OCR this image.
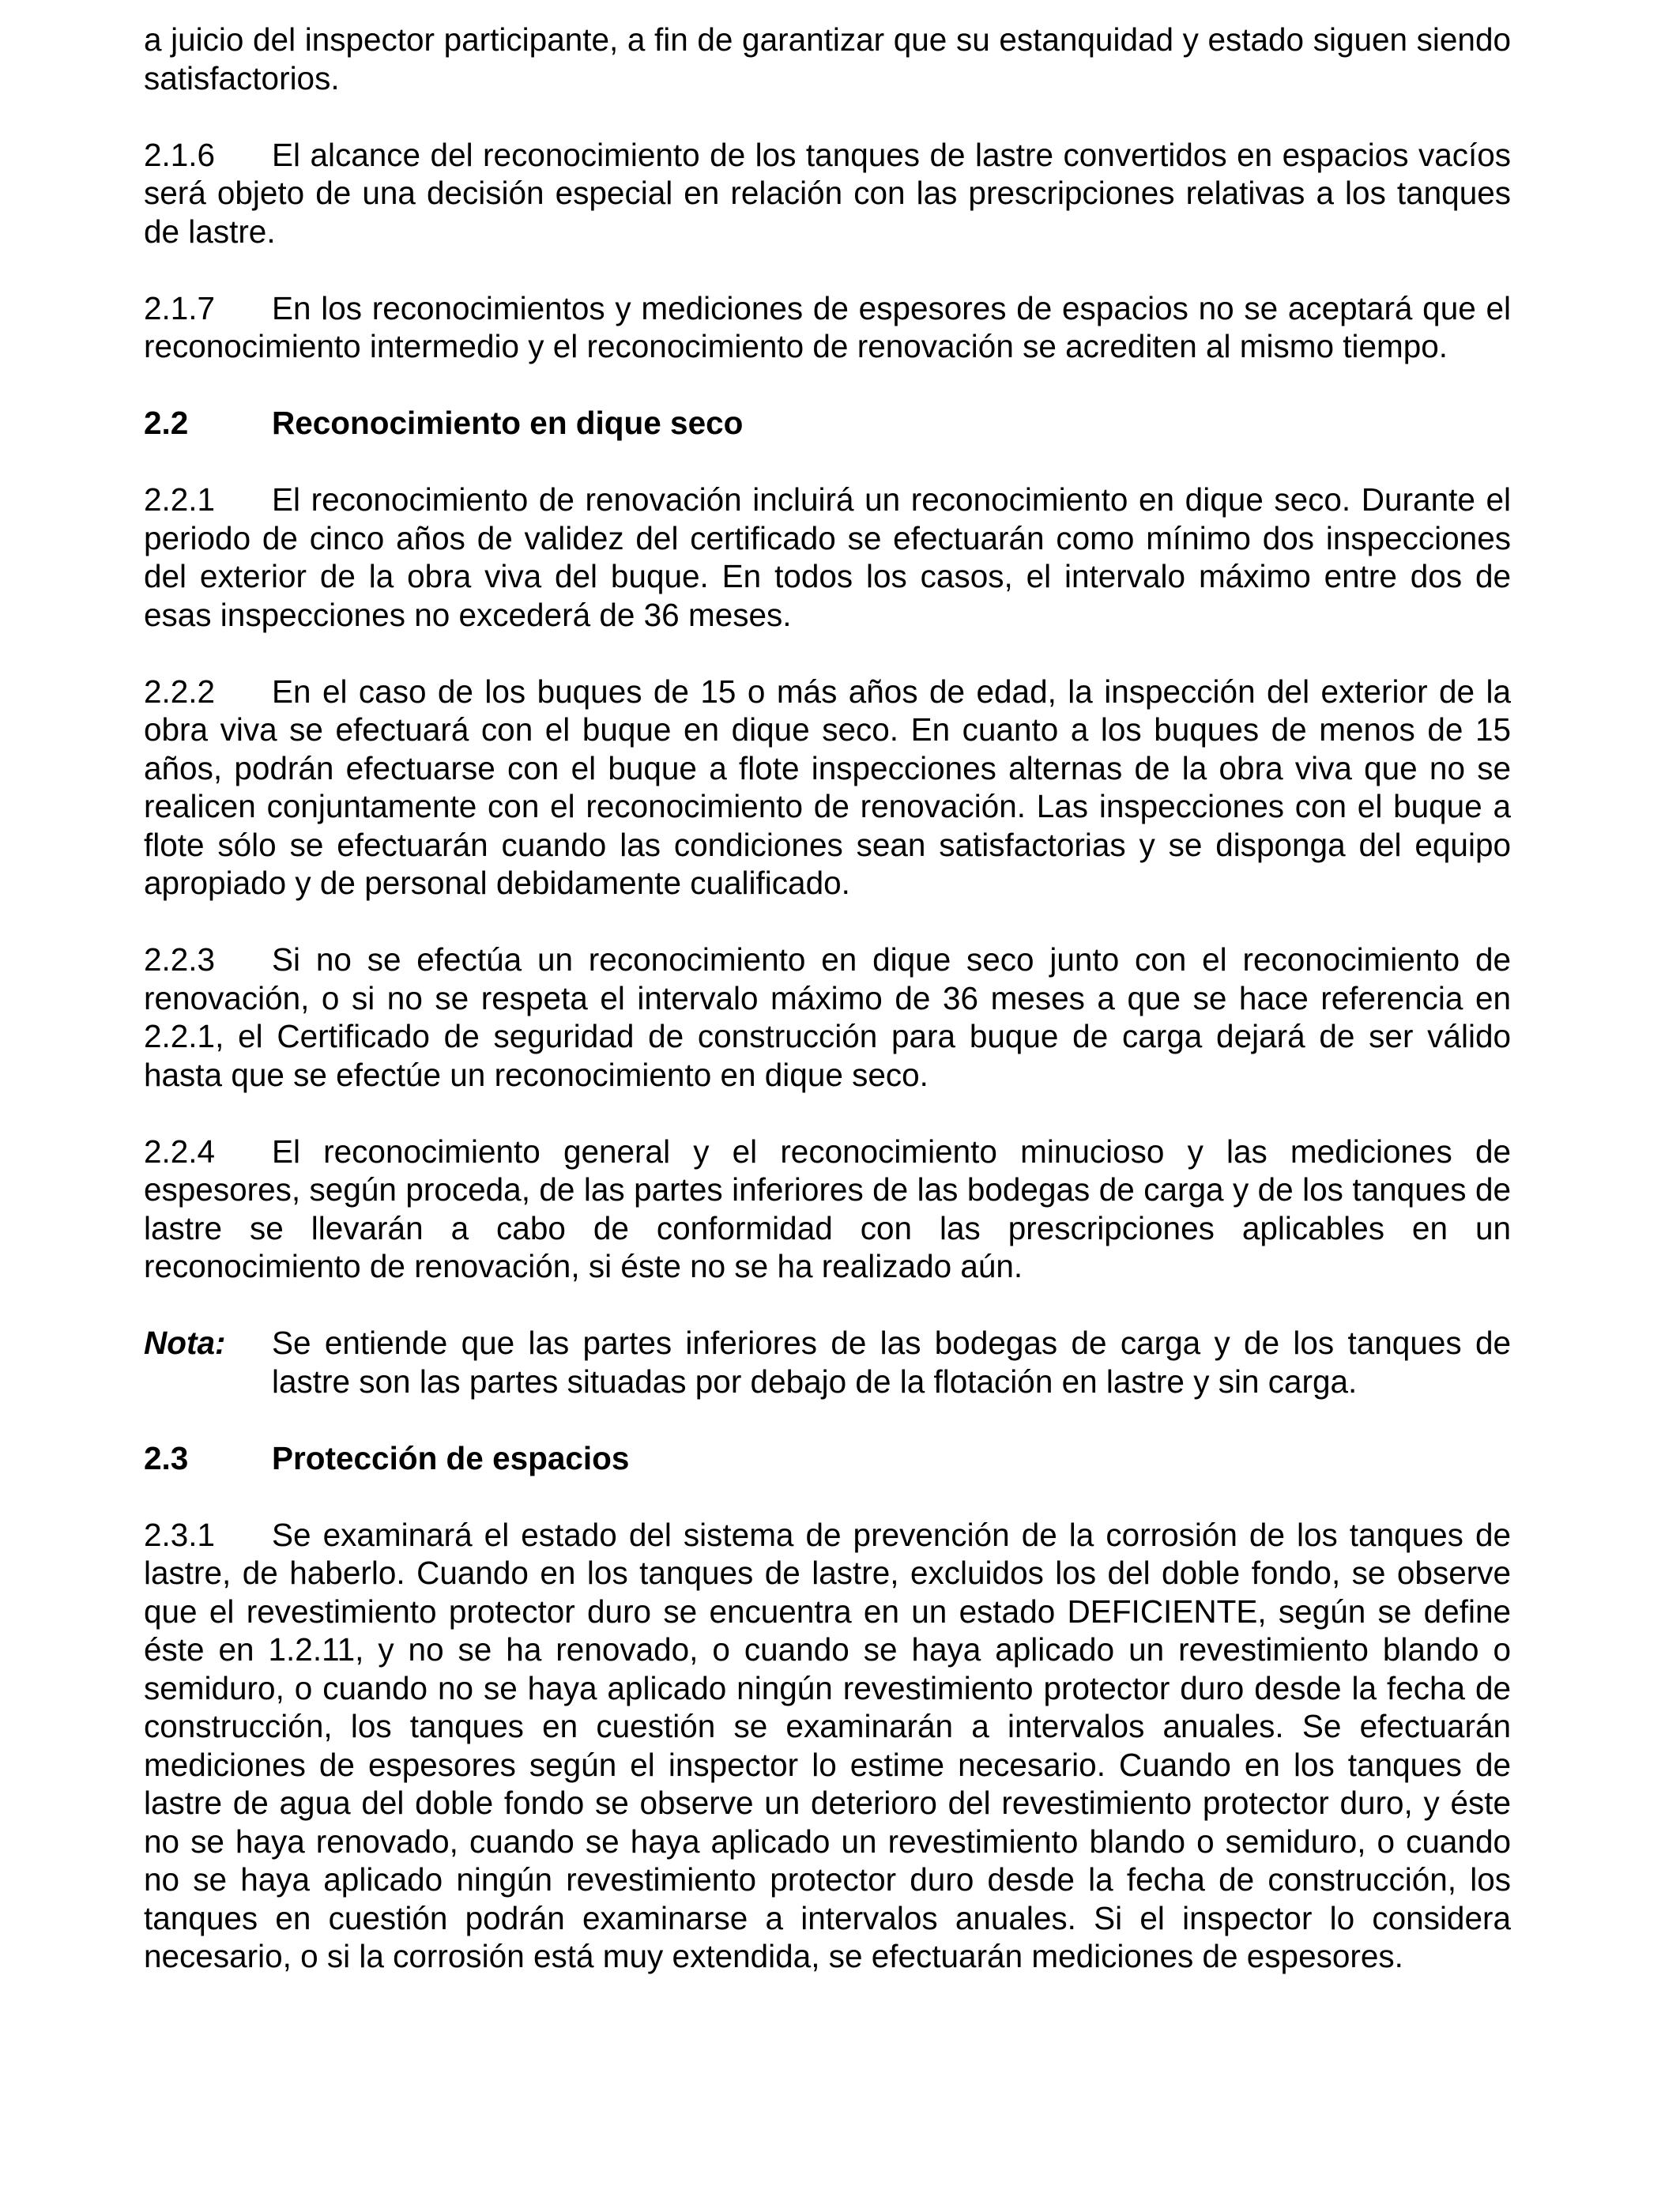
a juicio del inspector participante, a fin de garantizar que su estanquidad y estado siguen siendo satisfactorios.

2.1.6 El alcance del reconocimiento de los tanques de lastre convertidos en espacios vacíos será objeto de una decisión especial en relación con las prescripciones relativas a los tanques de lastre.

2.1.7 En los reconocimientos y mediciones de espesores de espacios no se aceptará que el reconocimiento intermedio y el reconocimiento de renovación se acrediten al mismo tiempo.

2.2	Reconocimiento en dique seco

2.2.1 El reconocimiento de renovación incluirá un reconocimiento en dique seco. Durante el periodo de cinco años de validez del certificado se efectuarán como mínimo dos inspecciones del exterior de la obra viva del buque. En todos los casos, el intervalo máximo entre dos de esas inspecciones no excederá de 36 meses.

2.2.2 En el caso de los buques de 15 o más años de edad, la inspección del exterior de la obra viva se efectuará con el buque en dique seco. En cuanto a los buques de menos de 15 años, podrán efectuarse con el buque a flote inspecciones alternas de la obra viva que no se realicen conjuntamente con el reconocimiento de renovación. Las inspecciones con el buque a flote sólo se efectuarán cuando las condiciones sean satisfactorias y se disponga del equipo apropiado y de personal debidamente cualificado.

2.2.3 Si no se efectúa un reconocimiento en dique seco junto con el reconocimiento de renovación, o si no se respeta el intervalo máximo de 36 meses a que se hace referencia en 2.2.1, el Certificado de seguridad de construcción para buque de carga dejará de ser válido hasta que se efectúe un reconocimiento en dique seco.

2.2.4 El reconocimiento general y el reconocimiento minucioso y las mediciones de espesores, según proceda, de las partes inferiores de las bodegas de carga y de los tanques de lastre se llevarán a cabo de conformidad con las prescripciones aplicables en un reconocimiento de renovación, si éste no se ha realizado aún.

Nota:	Se entiende que las partes inferiores de las bodegas de carga y de los tanques de lastre son las partes situadas por debajo de la flotación en lastre y sin carga.

2.3	Protección de espacios

2.3.1 Se examinará el estado del sistema de prevención de la corrosión de los tanques de lastre, de haberlo. Cuando en los tanques de lastre, excluidos los del doble fondo, se observe que el revestimiento protector duro se encuentra en un estado DEFICIENTE, según se define éste en 1.2.11, y no se ha renovado, o cuando se haya aplicado un revestimiento blando o semiduro, o cuando no se haya aplicado ningún revestimiento protector duro desde la fecha de construcción, los tanques en cuestión se examinarán a intervalos anuales. Se efectuarán mediciones de espesores según el inspector lo estime necesario. Cuando en los tanques de lastre de agua del doble fondo se observe un deterioro del revestimiento protector duro, y éste no se haya renovado, cuando se haya aplicado un revestimiento blando o semiduro, o cuando no se haya aplicado ningún revestimiento protector duro desde la fecha de construcción, los tanques en cuestión podrán examinarse a intervalos anuales. Si el inspector lo considera necesario, o si la corrosión está muy extendida, se efectuarán mediciones de espesores.
